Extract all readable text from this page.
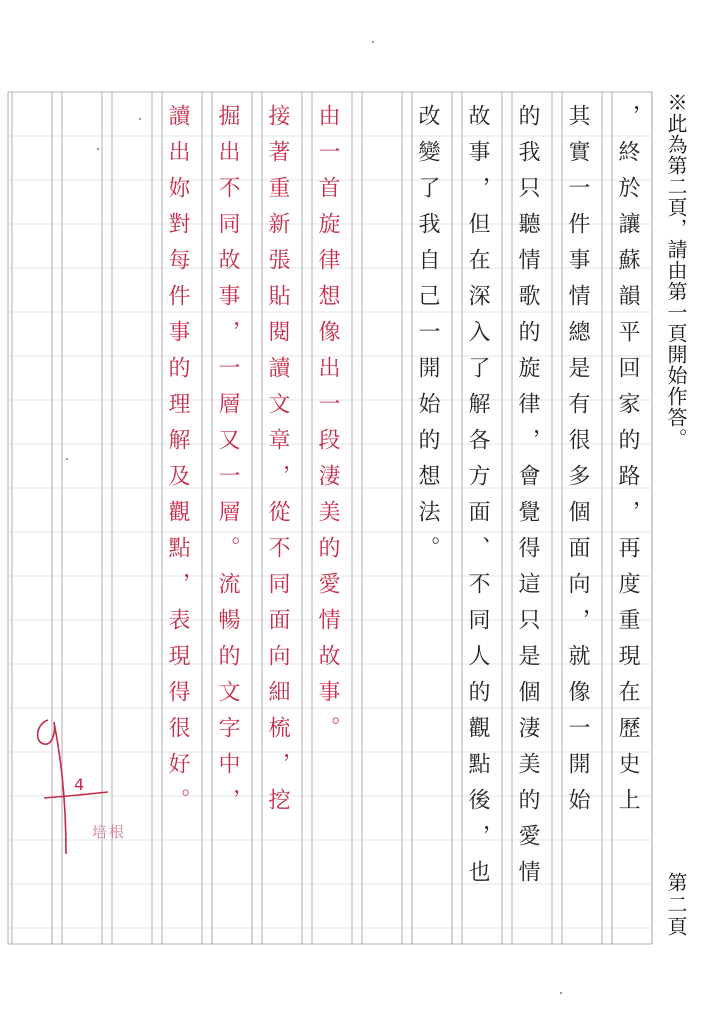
※此為第二頁，請由第一頁開始作答。
第二頁
，終於讓蘇韻平回家的路，再度重現在歷史上
其實一件事情總是有很多個面向，就像一開始
的我只聽情歌的旋律，會覺得這只是個淒美的愛情
故事，但在深入了解各方面、不同人的觀點後，也
改變了我自己一開始的想法。
由一首旋律想像出一段淒美的愛情故事。
接著重新張貼閱讀文章，從不同面向細梳，挖
掘出不同故事，一層又一層。流暢的文字中，
讀出妳對每件事的理解及觀點，表現得很好。
4
培根
